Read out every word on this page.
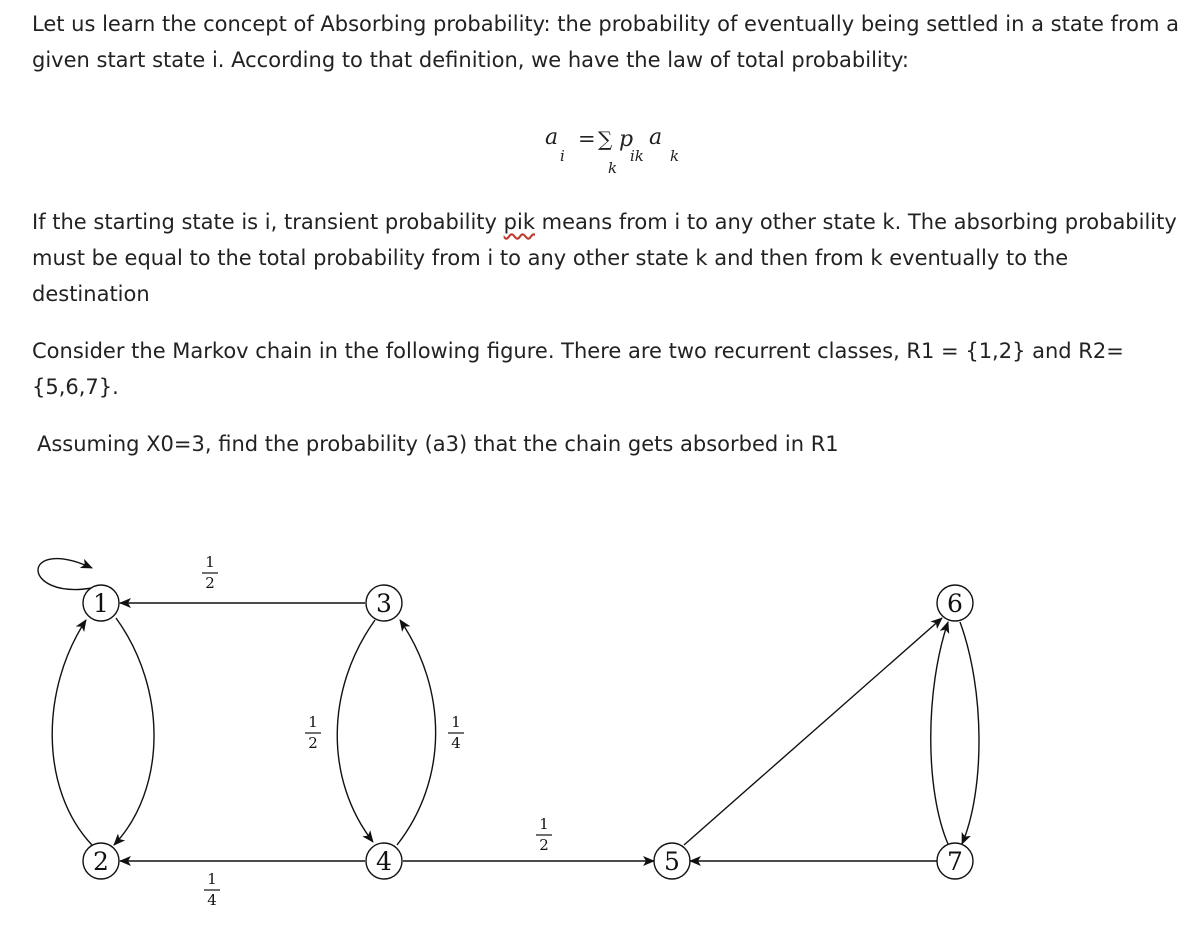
Let us learn the concept of Absorbing probability: the probability of eventually being settled in a state from a given start state i. According to that definition, we have the law of total probability:

a
i
= ∑
k
p
ik
a
k

If the starting state is i, transient probability pik means from i to any other state k. The absorbing probability must be equal to the total probability from i to any other state k and then from k eventually to the destination

Consider the Markov chain in the following figure. There are two recurrent classes, R1 = {1,2} and R2={5,6,7}.

Assuming X0=3, find the probability (a3) that the chain gets absorbed in R1

1
2
3
4	5
6
7
1
2
1
2
1
4
1
4
1
2
